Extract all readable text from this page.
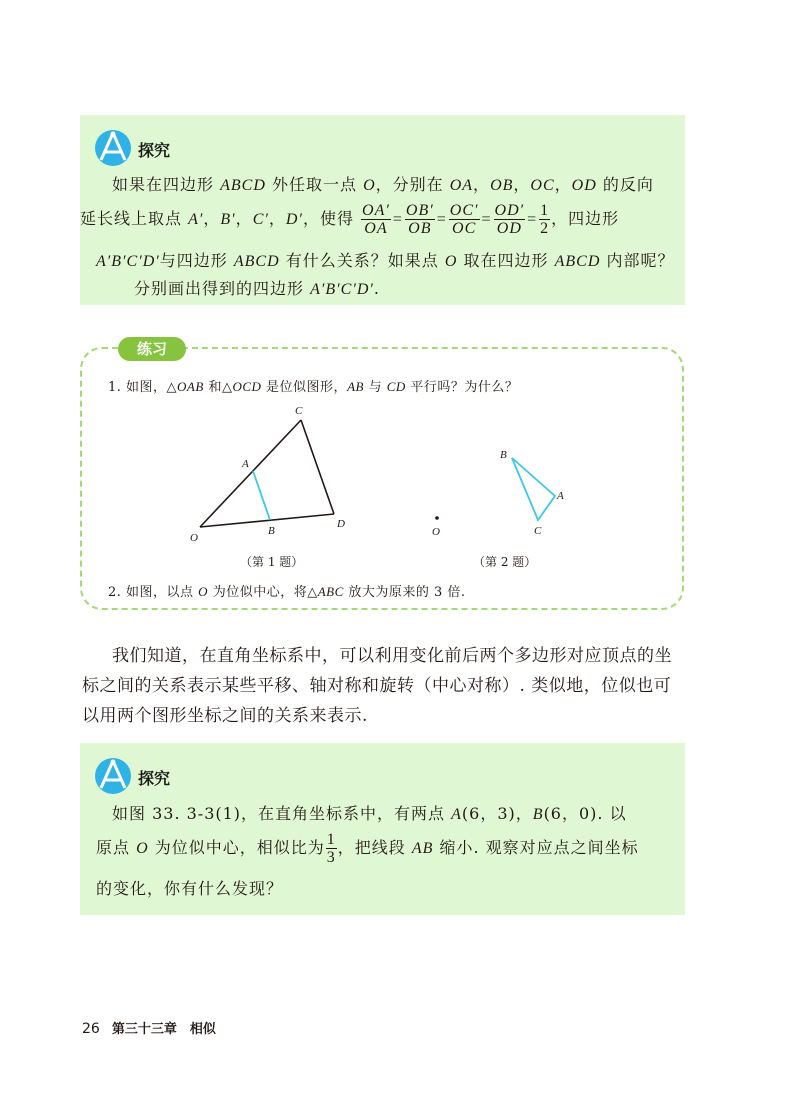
探究
如果在四边形 ABCD 外任取一点 O，分别在 OA，OB，OC，OD 的反向
延长线上取点 A′，B′，C′，D′，使得 $\frac{OA'}{OA} = \frac{OB'}{OB} = \frac{OC'}{OC} = \frac{OD'}{OD} = \frac{1}{2}$ ，四边形
A′B′C′D′与四边形 ABCD 有什么关系？如果点 O 取在四边形 ABCD 内部呢？
分别画出得到的四边形 A′B′C′D′.
练习
1. 如图，△OAB 和△OCD 是位似图形，AB 与 CD 平行吗？为什么？
O
A
B
C
D
O
B
A
C
（第 1 题）	（第 2 题）
2. 如图，以点 O 为位似中心，将△ABC 放大为原来的 3 倍.
我们知道，在直角坐标系中，可以利用变化前后两个多边形对应顶点的坐
标之间的关系表示某些平移、轴对称和旋转（中心对称）. 类似地，位似也可
以用两个图形坐标之间的关系来表示.
探究
如图 33. 3-3(1)，在直角坐标系中，有两点 A(6，3)，B(6，0). 以
原点 O 为位似中心，相似比为 $\frac{1}{3}$ ，把线段 AB 缩小. 观察对应点之间坐标
的变化，你有什么发现？
26 第三十三章　相似
